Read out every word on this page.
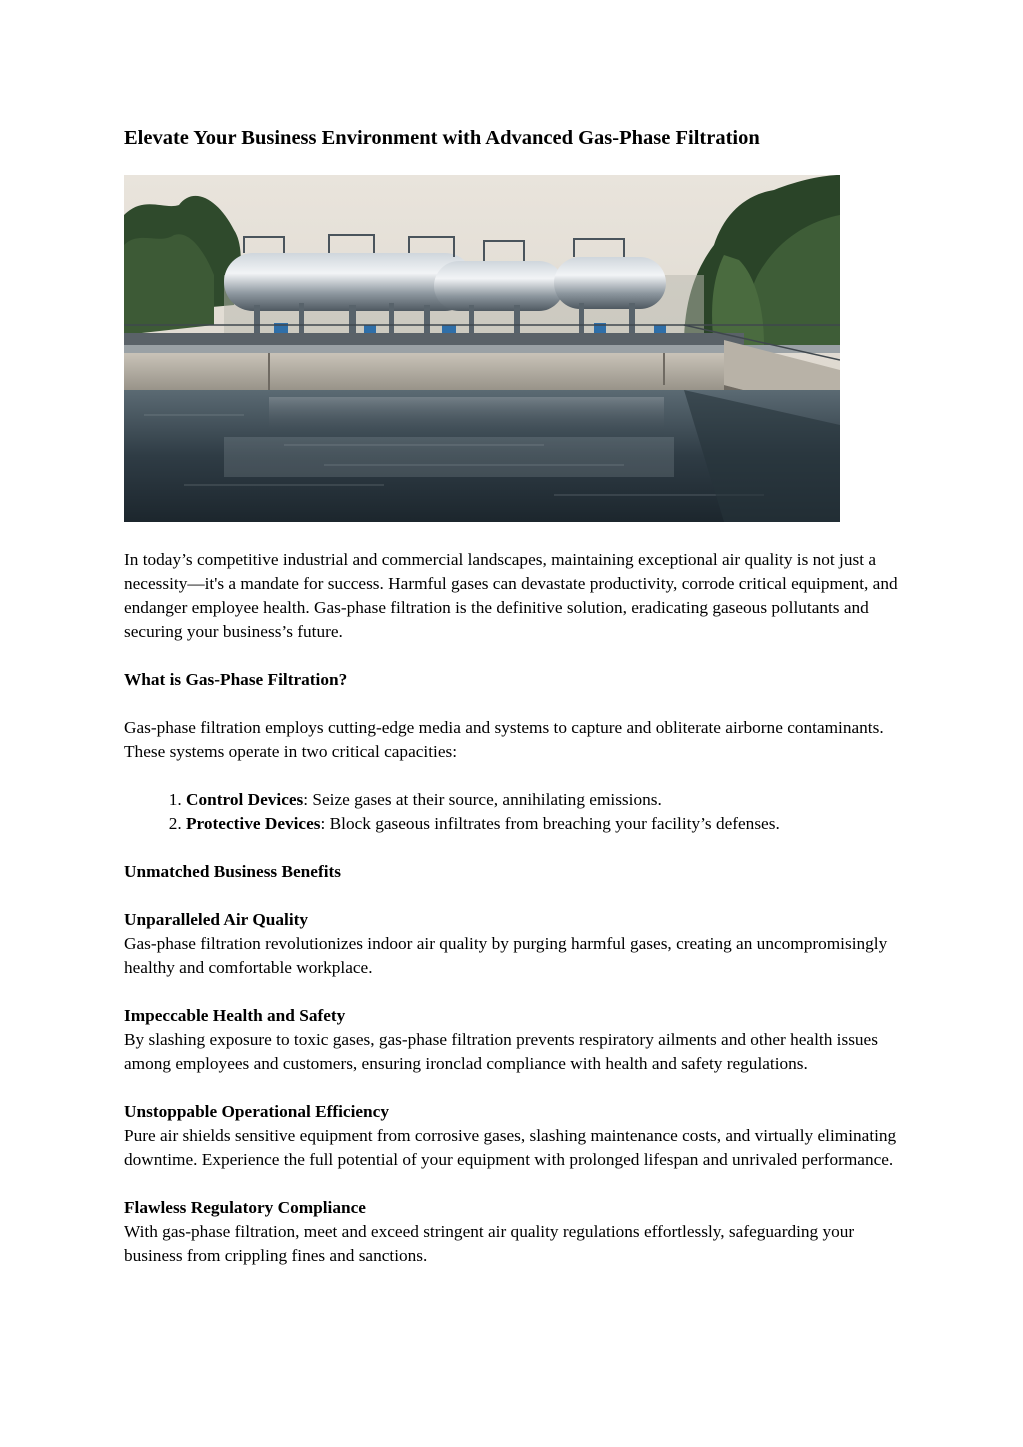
Elevate Your Business Environment with Advanced Gas-Phase Filtration

In today’s competitive industrial and commercial landscapes, maintaining exceptional air quality is not just a necessity—it's a mandate for success. Harmful gases can devastate productivity, corrode critical equipment, and endanger employee health. Gas-phase filtration is the definitive solution, eradicating gaseous pollutants and securing your business’s future.

What is Gas-Phase Filtration?

Gas-phase filtration employs cutting-edge media and systems to capture and obliterate airborne contaminants. These systems operate in two critical capacities:

1. Control Devices: Seize gases at their source, annihilating emissions.
2. Protective Devices: Block gaseous infiltrates from breaching your facility’s defenses.

Unmatched Business Benefits

Unparalleled Air Quality
Gas-phase filtration revolutionizes indoor air quality by purging harmful gases, creating an uncompromisingly healthy and comfortable workplace.
Impeccable Health and Safety
By slashing exposure to toxic gases, gas-phase filtration prevents respiratory ailments and other health issues among employees and customers, ensuring ironclad compliance with health and safety regulations.
Unstoppable Operational Efficiency
Pure air shields sensitive equipment from corrosive gases, slashing maintenance costs, and virtually eliminating downtime. Experience the full potential of your equipment with prolonged lifespan and unrivaled performance.
Flawless Regulatory Compliance
With gas-phase filtration, meet and exceed stringent air quality regulations effortlessly, safeguarding your business from crippling fines and sanctions.
